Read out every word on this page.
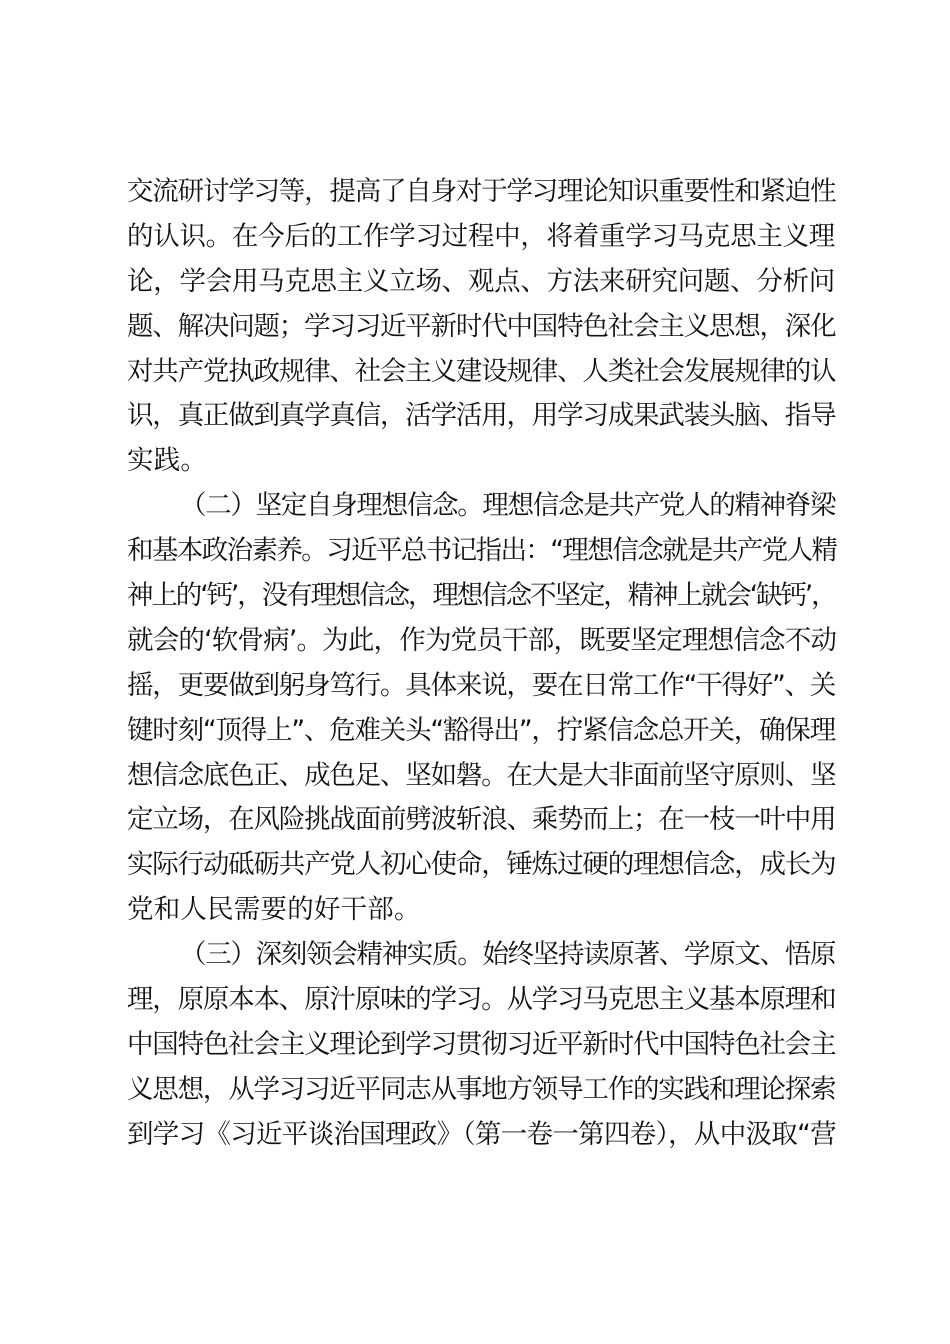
交流研讨学习等，提高了自身对于学习理论知识重要性和紧迫性
的认识。在今后的工作学习过程中，将着重学习马克思主义理
论，学会用马克思主义立场、观点、方法来研究问题、分析问
题、解决问题；学习习近平新时代中国特色社会主义思想，深化
对共产党执政规律、社会主义建设规律、人类社会发展规律的认
识，真正做到真学真信，活学活用，用学习成果武装头脑、指导
实践。

（二）坚定自身理想信念。理想信念是共产党人的精神脊梁
和基本政治素养。习近平总书记指出：“理想信念就是共产党人精
神上的‘钙’，没有理想信念，理想信念不坚定，精神上就会‘缺钙’，
就会的‘软骨病’。为此，作为党员干部，既要坚定理想信念不动
摇，更要做到躬身笃行。具体来说，要在日常工作“干得好”、关
键时刻“顶得上”、危难关头“豁得出”，拧紧信念总开关，确保理
想信念底色正、成色足、坚如磐。在大是大非面前坚守原则、坚
定立场，在风险挑战面前劈波斩浪、乘势而上；在一枝一叶中用
实际行动砥砺共产党人初心使命，锤炼过硬的理想信念，成长为
党和人民需要的好干部。

（三）深刻领会精神实质。始终坚持读原著、学原文、悟原
理，原原本本、原汁原味的学习。从学习马克思主义基本原理和
中国特色社会主义理论到学习贯彻习近平新时代中国特色社会主
义思想，从学习习近平同志从事地方领导工作的实践和理论探索
到学习《习近平谈治国理政》（第一卷一第四卷），从中汲取“营
